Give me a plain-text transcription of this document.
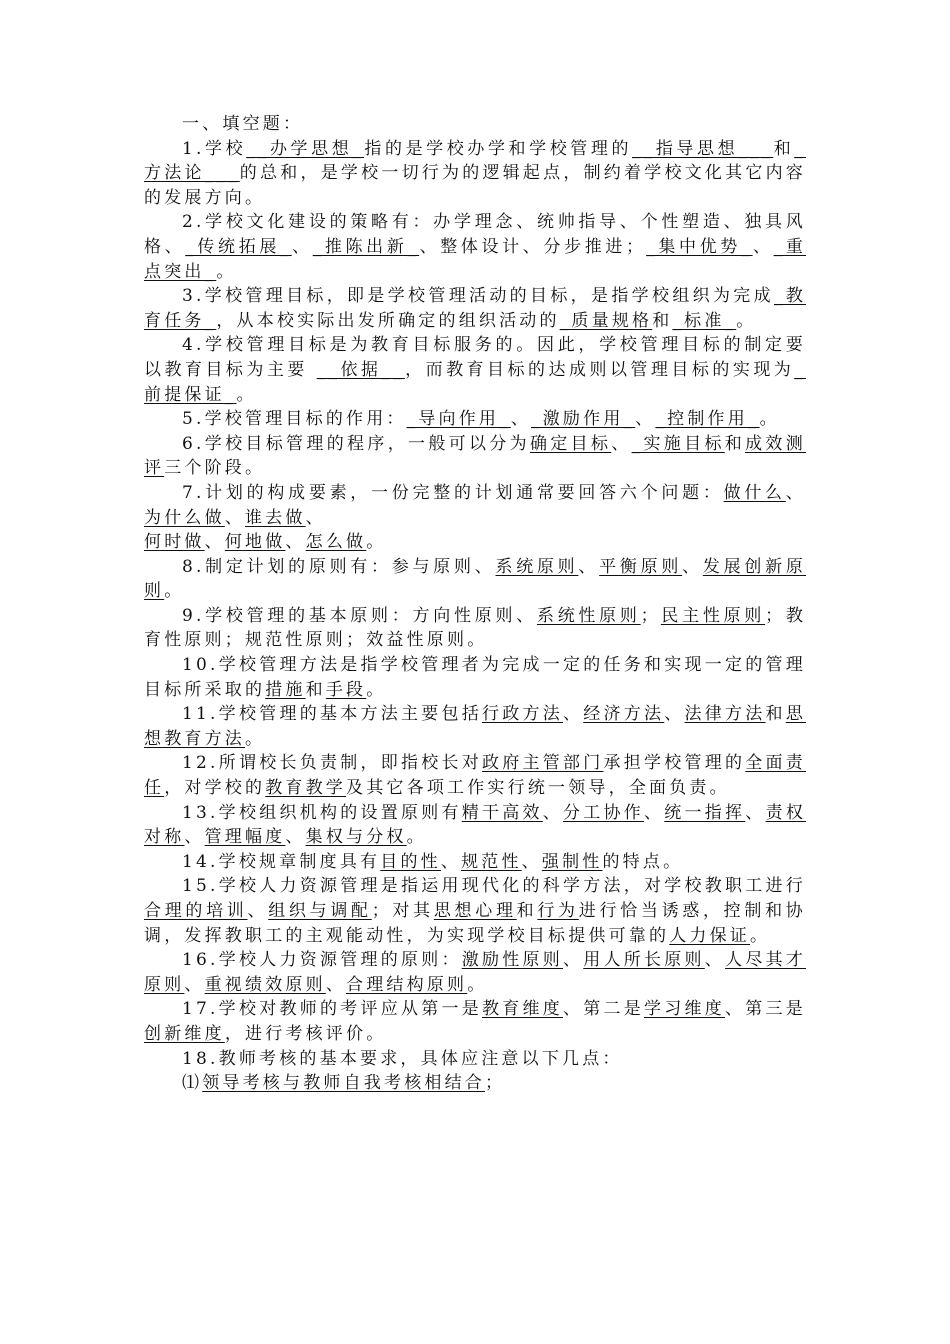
一、填空题：

1.学校__办学思想_指的是学校办学和学校管理的__指导思想___和_方法论___的总和，是学校一切行为的逻辑起点，制约着学校文化其它内容的发展方向。

2.学校文化建设的策略有：办学理念、统帅指导、个性塑造、独具风格、_传统拓展_、_推陈出新_、整体设计、分步推进；_集中优势_、_重点突出_。

3.学校管理目标，即是学校管理活动的目标，是指学校组织为完成_教育任务_，从本校实际出发所确定的组织活动的_质量规格和_标准_。

4.学校管理目标是为教育目标服务的。因此，学校管理目标的制定要以教育目标为主要 __依据__，而教育目标的达成则以管理目标的实现为_前提保证_。

5.学校管理目标的作用：_导向作用_、_激励作用_、_控制作用_。

6.学校目标管理的程序，一般可以分为确定目标、_实施目标和成效测评三个阶段。

7.计划的构成要素，一份完整的计划通常要回答六个问题：做什么、为什么做、谁去做、
何时做、何地做、怎么做。

8.制定计划的原则有：参与原则、系统原则、平衡原则、发展创新原则。

9.学校管理的基本原则：方向性原则、系统性原则；民主性原则；教育性原则；规范性原则；效益性原则。

10.学校管理方法是指学校管理者为完成一定的任务和实现一定的管理目标所采取的措施和手段。

11.学校管理的基本方法主要包括行政方法、经济方法、法律方法和思想教育方法。

12.所谓校长负责制，即指校长对政府主管部门承担学校管理的全面责任，对学校的教育教学及其它各项工作实行统一领导，全面负责。

13.学校组织机构的设置原则有精干高效、分工协作、统一指挥、责权对称、管理幅度、集权与分权。

14.学校规章制度具有目的性、规范性、强制性的特点。

15.学校人力资源管理是指运用现代化的科学方法，对学校教职工进行合理的培训、组织与调配；对其思想心理和行为进行恰当诱惑，控制和协调，发挥教职工的主观能动性，为实现学校目标提供可靠的人力保证。

16.学校人力资源管理的原则：激励性原则、用人所长原则、人尽其才原则、重视绩效原则、合理结构原则。

17.学校对教师的考评应从第一是教育维度、第二是学习维度、第三是创新维度，进行考核评价。

18.教师考核的基本要求，具体应注意以下几点：

⑴领导考核与教师自我考核相结合；
